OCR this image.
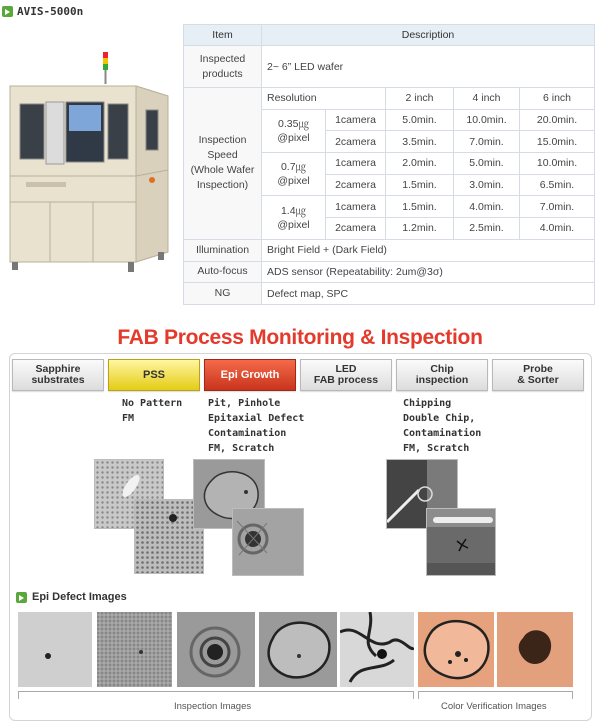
AVIS-5000n
Item	Description				
Inspected
products	2~ 6” LED wafer				
Inspection
Speed
(Whole Wafer
Inspection)	Resolution		2 inch	4 inch	6 inch
	0.35㎍
@pixel	1camera	5.0min.	10.0min.	20.0min.
		2camera	3.5min.	7.0min.	15.0min.
	0.7㎍
@pixel	1camera	2.0min.	5.0min.	10.0min.
		2camera	1.5min.	3.0min.	6.5min.
	1.4㎍
@pixel	1camera	1.5min.	4.0min.	7.0min.
		2camera	1.2min.	2.5min.	4.0min.
Illumination	Bright Field + (Dark Field)				
Auto-focus	ADS sensor (Repeatability: 2um@3σ)				
NG	Defect map, SPC				
FAB Process Monitoring & Inspection
Sapphire
substrates	PSS	Epi Growth	LED
FAB process
Chip
inspection
Probe
& Sorter
No Pattern
FM
Pit, Pinhole
Epitaxial Defect
Contamination
FM, Scratch
Chipping
Double Chip,
Contamination
FM, Scratch
Epi Defect Images
Inspection Images	Color Verification Images
